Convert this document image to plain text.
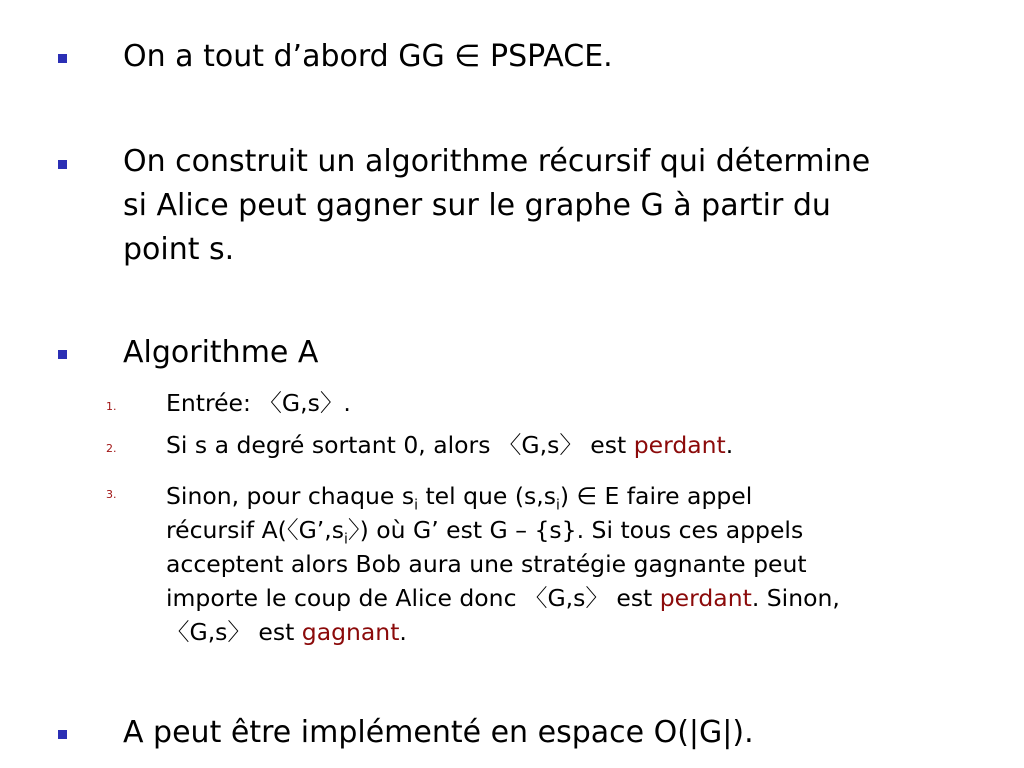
On a tout d’abord GG ∈ PSPACE.
On construit un algorithme récursif qui détermine
si Alice peut gagner sur le graphe G à partir du
point s.
Algorithme A
1. Entrée: 〈G,s〉.
2. Si s a degré sortant 0, alors 〈G,s〉 est perdant.
3. Sinon, pour chaque $s_i$ tel que $(s,s_i)$ ∈ E faire appel
récursif A(〈$G’,s_i$〉) où G’ est G – {s}. Si tous ces appels
acceptent alors Bob aura une stratégie gagnante peut
importe le coup de Alice donc 〈G,s〉 est perdant. Sinon,
〈G,s〉 est gagnant.
A peut être implémenté en espace O(|G|).
